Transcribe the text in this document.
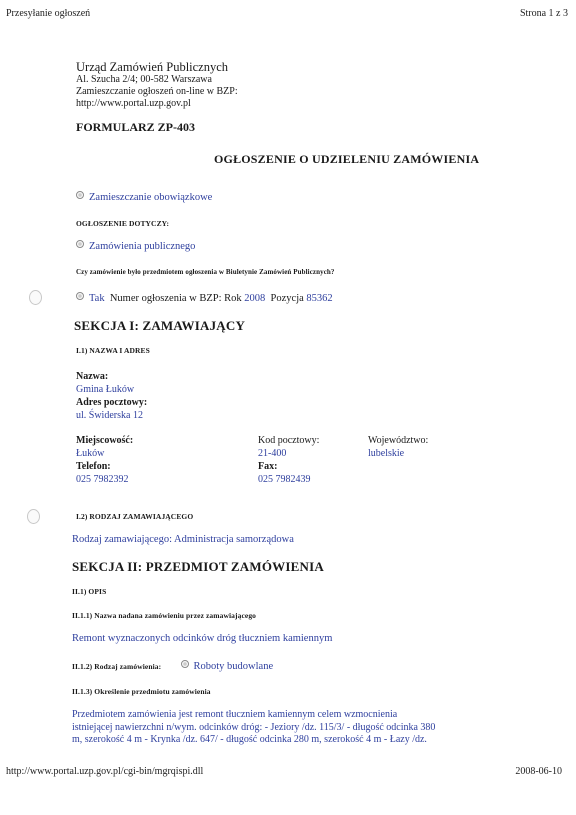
Przesyłanie ogłoszeń	Strona 1 z 3
Urząd Zamówień Publicznych
Al. Szucha 2/4; 00-582 Warszawa
Zamieszczanie ogłoszeń on-line w BZP:
http://www.portal.uzp.gov.pl
FORMULARZ ZP-403
OGŁOSZENIE O UDZIELENIU ZAMÓWIENIA
Zamieszczanie obowiązkowe
OGŁOSZENIE DOTYCZY:
Zamówienia publicznego
Czy zamówienie było przedmiotem ogłoszenia w Biuletynie Zamówień Publicznych?
Tak Numer ogłoszenia w BZP: Rok 2008 Pozycja 85362
SEKCJA I: ZAMAWIAJĄCY
I.1) NAZWA I ADRES
Nazwa:
Gmina Łuków
Adres pocztowy:
ul. Świderska 12
Miejscowość:
Łuków
Telefon:
025 7982392
Kod pocztowy:
21-400
Fax:
025 7982439
Województwo:
lubelskie
I.2) RODZAJ ZAMAWIAJĄCEGO
Rodzaj zamawiającego: Administracja samorządowa
SEKCJA II: PRZEDMIOT ZAMÓWIENIA
II.1) OPIS
II.1.1) Nazwa nadana zamówieniu przez zamawiającego
Remont wyznaczonych odcinków dróg tłuczniem kamiennym
II.1.2) Rodzaj zamówienia:	Roboty budowlane
II.1.3) Określenie przedmiotu zamówienia
Przedmiotem zamówienia jest remont tłuczniem kamiennym celem wzmocnienia
istniejącej nawierzchni n/wym. odcinków dróg: - Jeziory /dz. 115/3/ - długość odcinka 380
m, szerokość 4 m - Krynka /dz. 647/ - długość odcinka 280 m, szerokość 4 m - Łazy /dz.
http://www.portal.uzp.gov.pl/cgi-bin/mgrqispi.dll	2008-06-10
